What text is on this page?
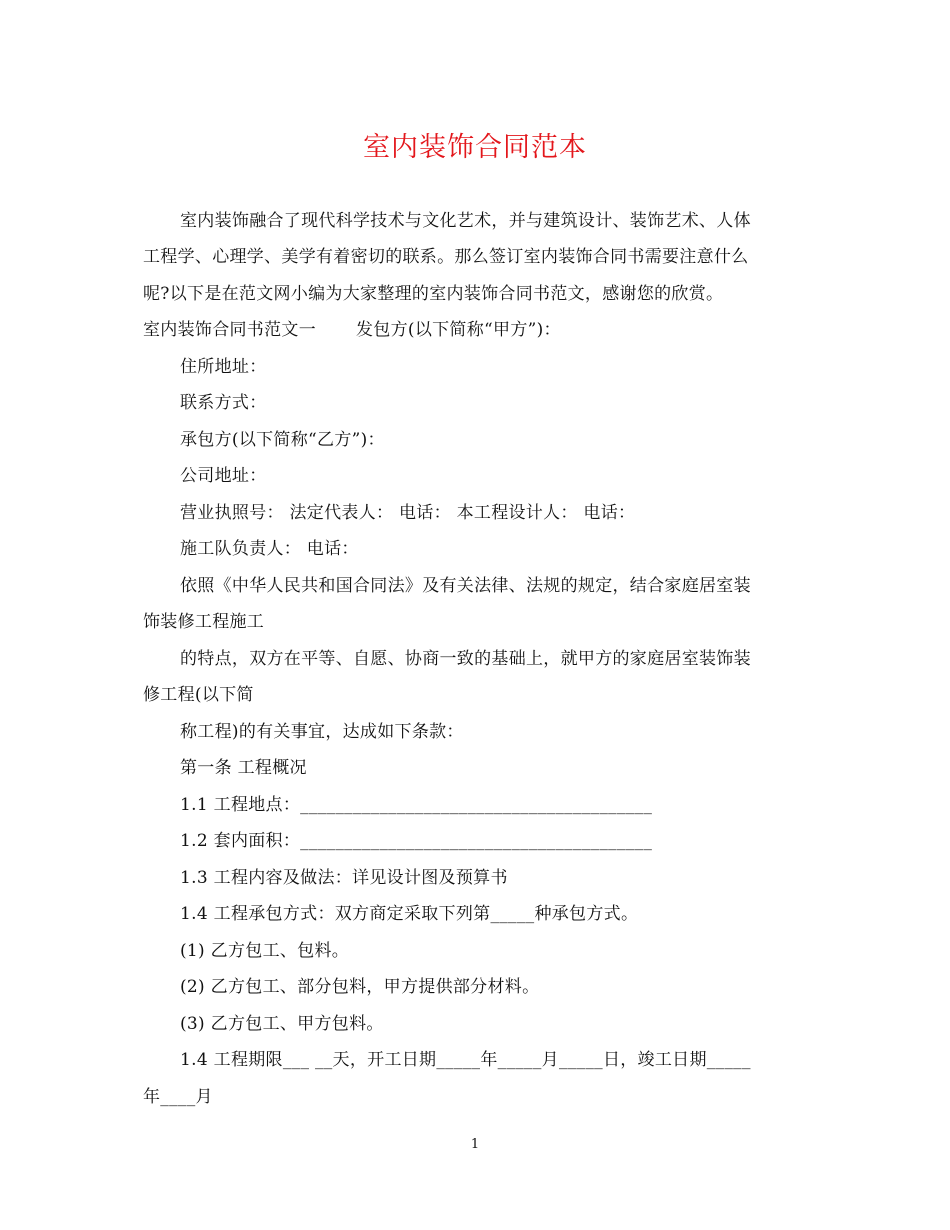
室内装饰合同范本
室内装饰融合了现代科学技术与文化艺术，并与建筑设计、装饰艺术、人体
工程学、心理学、美学有着密切的联系。那么签订室内装饰合同书需要注意什么
呢?以下是在范文网小编为大家整理的室内装饰合同书范文，感谢您的欣赏。
室内装饰合同书范文一 发包方(以下简称“甲方”)：
住所地址：
联系方式：
承包方(以下简称“乙方”)：
公司地址：
营业执照号： 法定代表人： 电话： 本工程设计人： 电话：
施工队负责人： 电话：
依照《中华人民共和国合同法》及有关法律、法规的规定，结合家庭居室装
饰装修工程施工
的特点，双方在平等、自愿、协商一致的基础上，就甲方的家庭居室装饰装
修工程(以下简
称工程)的有关事宜，达成如下条款：
第一条 工程概况
1.1 工程地点：________________________________________
1.2 套内面积：________________________________________
1.3 工程内容及做法：详见设计图及预算书
1.4 工程承包方式：双方商定采取下列第_____种承包方式。
(1) 乙方包工、包料。
(2) 乙方包工、部分包料，甲方提供部分材料。
(3) 乙方包工、甲方包料。
1.4 工程期限___ __天，开工日期_____年_____月_____日，竣工日期_____
年____月
1
